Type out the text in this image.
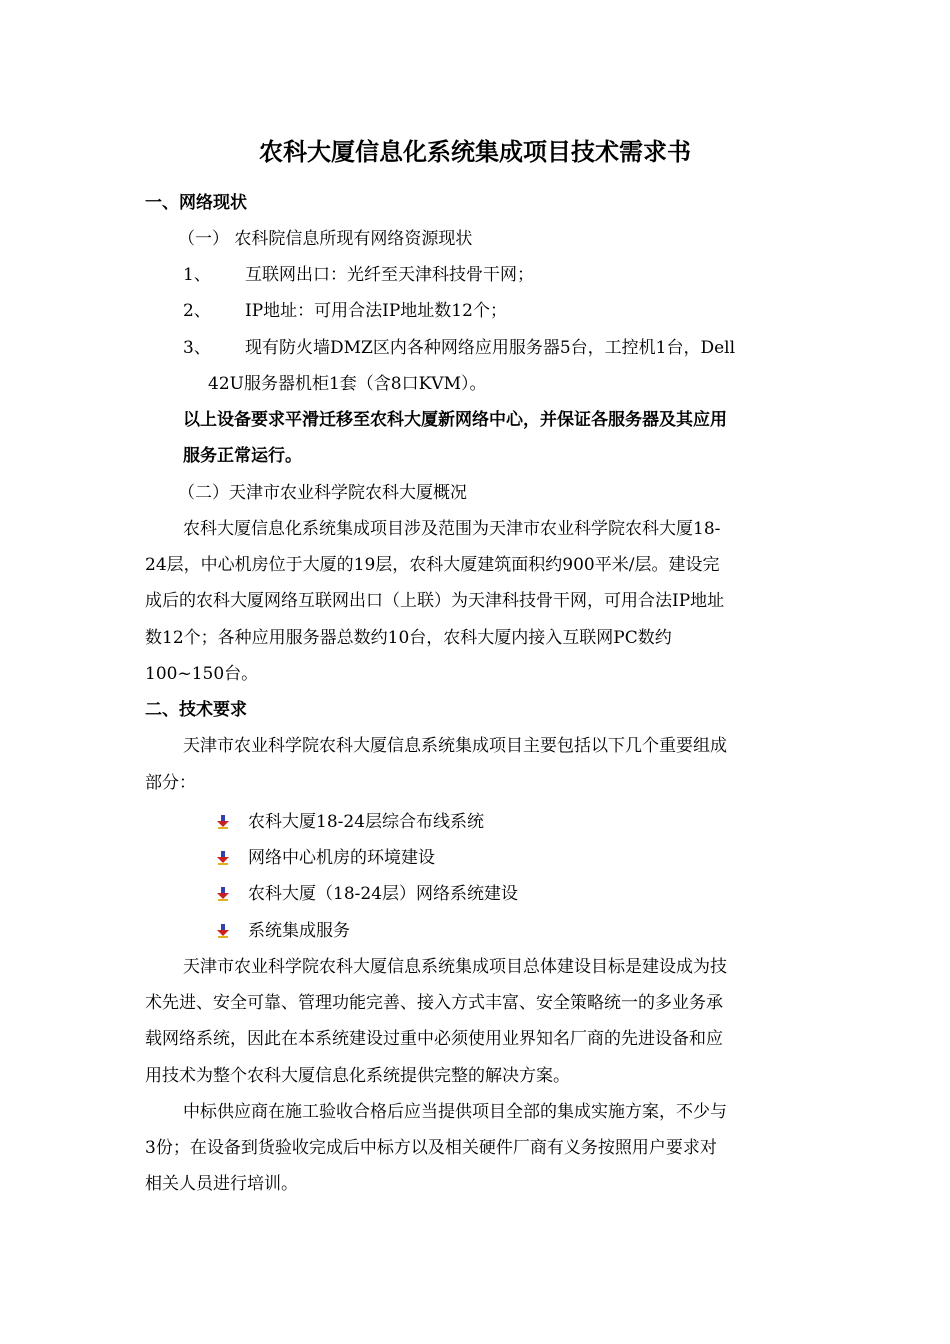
农科大厦信息化系统集成项目技术需求书
一、网络现状
（一） 农科院信息所现有网络资源现状
1、 互联网出口：光纤至天津科技骨干网；
2、 IP地址：可用合法IP地址数12个；
3、 现有防火墙DMZ区内各种网络应用服务器5台，工控机1台，Dell
42U服务器机柜1套（含8口KVM）。
以上设备要求平滑迁移至农科大厦新网络中心，并保证各服务器及其应用
服务正常运行。
（二）天津市农业科学院农科大厦概况
农科大厦信息化系统集成项目涉及范围为天津市农业科学院农科大厦18-
24层，中心机房位于大厦的19层，农科大厦建筑面积约900平米/层。建设完
成后的农科大厦网络互联网出口（上联）为天津科技骨干网，可用合法IP地址
数12个；各种应用服务器总数约10台，农科大厦内接入互联网PC数约
100~150台。
二、技术要求
天津市农业科学院农科大厦信息系统集成项目主要包括以下几个重要组成
部分：
农科大厦18-24层综合布线系统
网络中心机房的环境建设
农科大厦（18-24层）网络系统建设
系统集成服务
天津市农业科学院农科大厦信息系统集成项目总体建设目标是建设成为技
术先进、安全可靠、管理功能完善、接入方式丰富、安全策略统一的多业务承
载网络系统，因此在本系统建设过重中必须使用业界知名厂商的先进设备和应
用技术为整个农科大厦信息化系统提供完整的解决方案。
中标供应商在施工验收合格后应当提供项目全部的集成实施方案，不少与
3份；在设备到货验收完成后中标方以及相关硬件厂商有义务按照用户要求对
相关人员进行培训。
